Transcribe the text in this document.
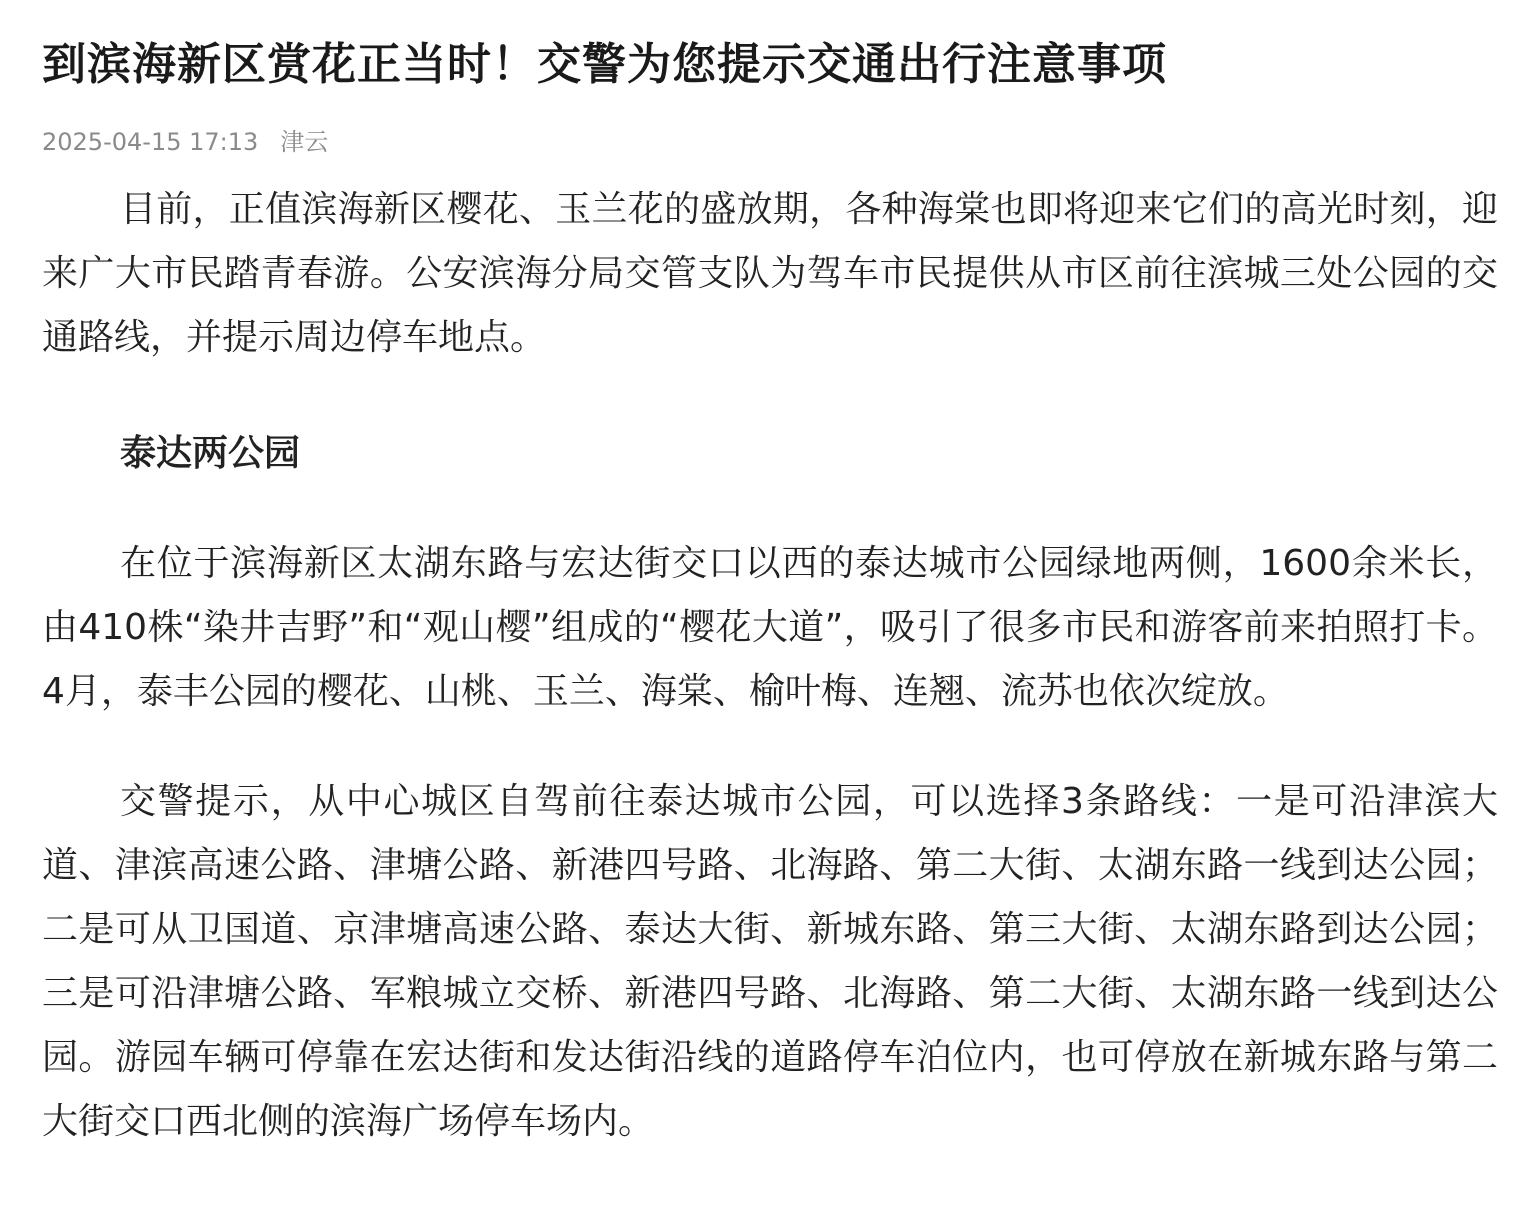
到滨海新区赏花正当时！交警为您提示交通出行注意事项
2025-04-15 17:13 津云

目前，正值滨海新区樱花、玉兰花的盛放期，各种海棠也即将迎来它们的高光时刻，迎来广大市民踏青春游。公安滨海分局交管支队为驾车市民提供从市区前往滨城三处公园的交通路线，并提示周边停车地点。

泰达两公园

在位于滨海新区太湖东路与宏达街交口以西的泰达城市公园绿地两侧，1600余米长，由410株“染井吉野”和“观山樱”组成的“樱花大道”，吸引了很多市民和游客前来拍照打卡。4月，泰丰公园的樱花、山桃、玉兰、海棠、榆叶梅、连翘、流苏也依次绽放。

交警提示，从中心城区自驾前往泰达城市公园，可以选择3条路线：一是可沿津滨大道、津滨高速公路、津塘公路、新港四号路、北海路、第二大街、太湖东路一线到达公园；二是可从卫国道、京津塘高速公路、泰达大街、新城东路、第三大街、太湖东路到达公园；三是可沿津塘公路、军粮城立交桥、新港四号路、北海路、第二大街、太湖东路一线到达公园。游园车辆可停靠在宏达街和发达街沿线的道路停车泊位内，也可停放在新城东路与第二大街交口西北侧的滨海广场停车场内。
